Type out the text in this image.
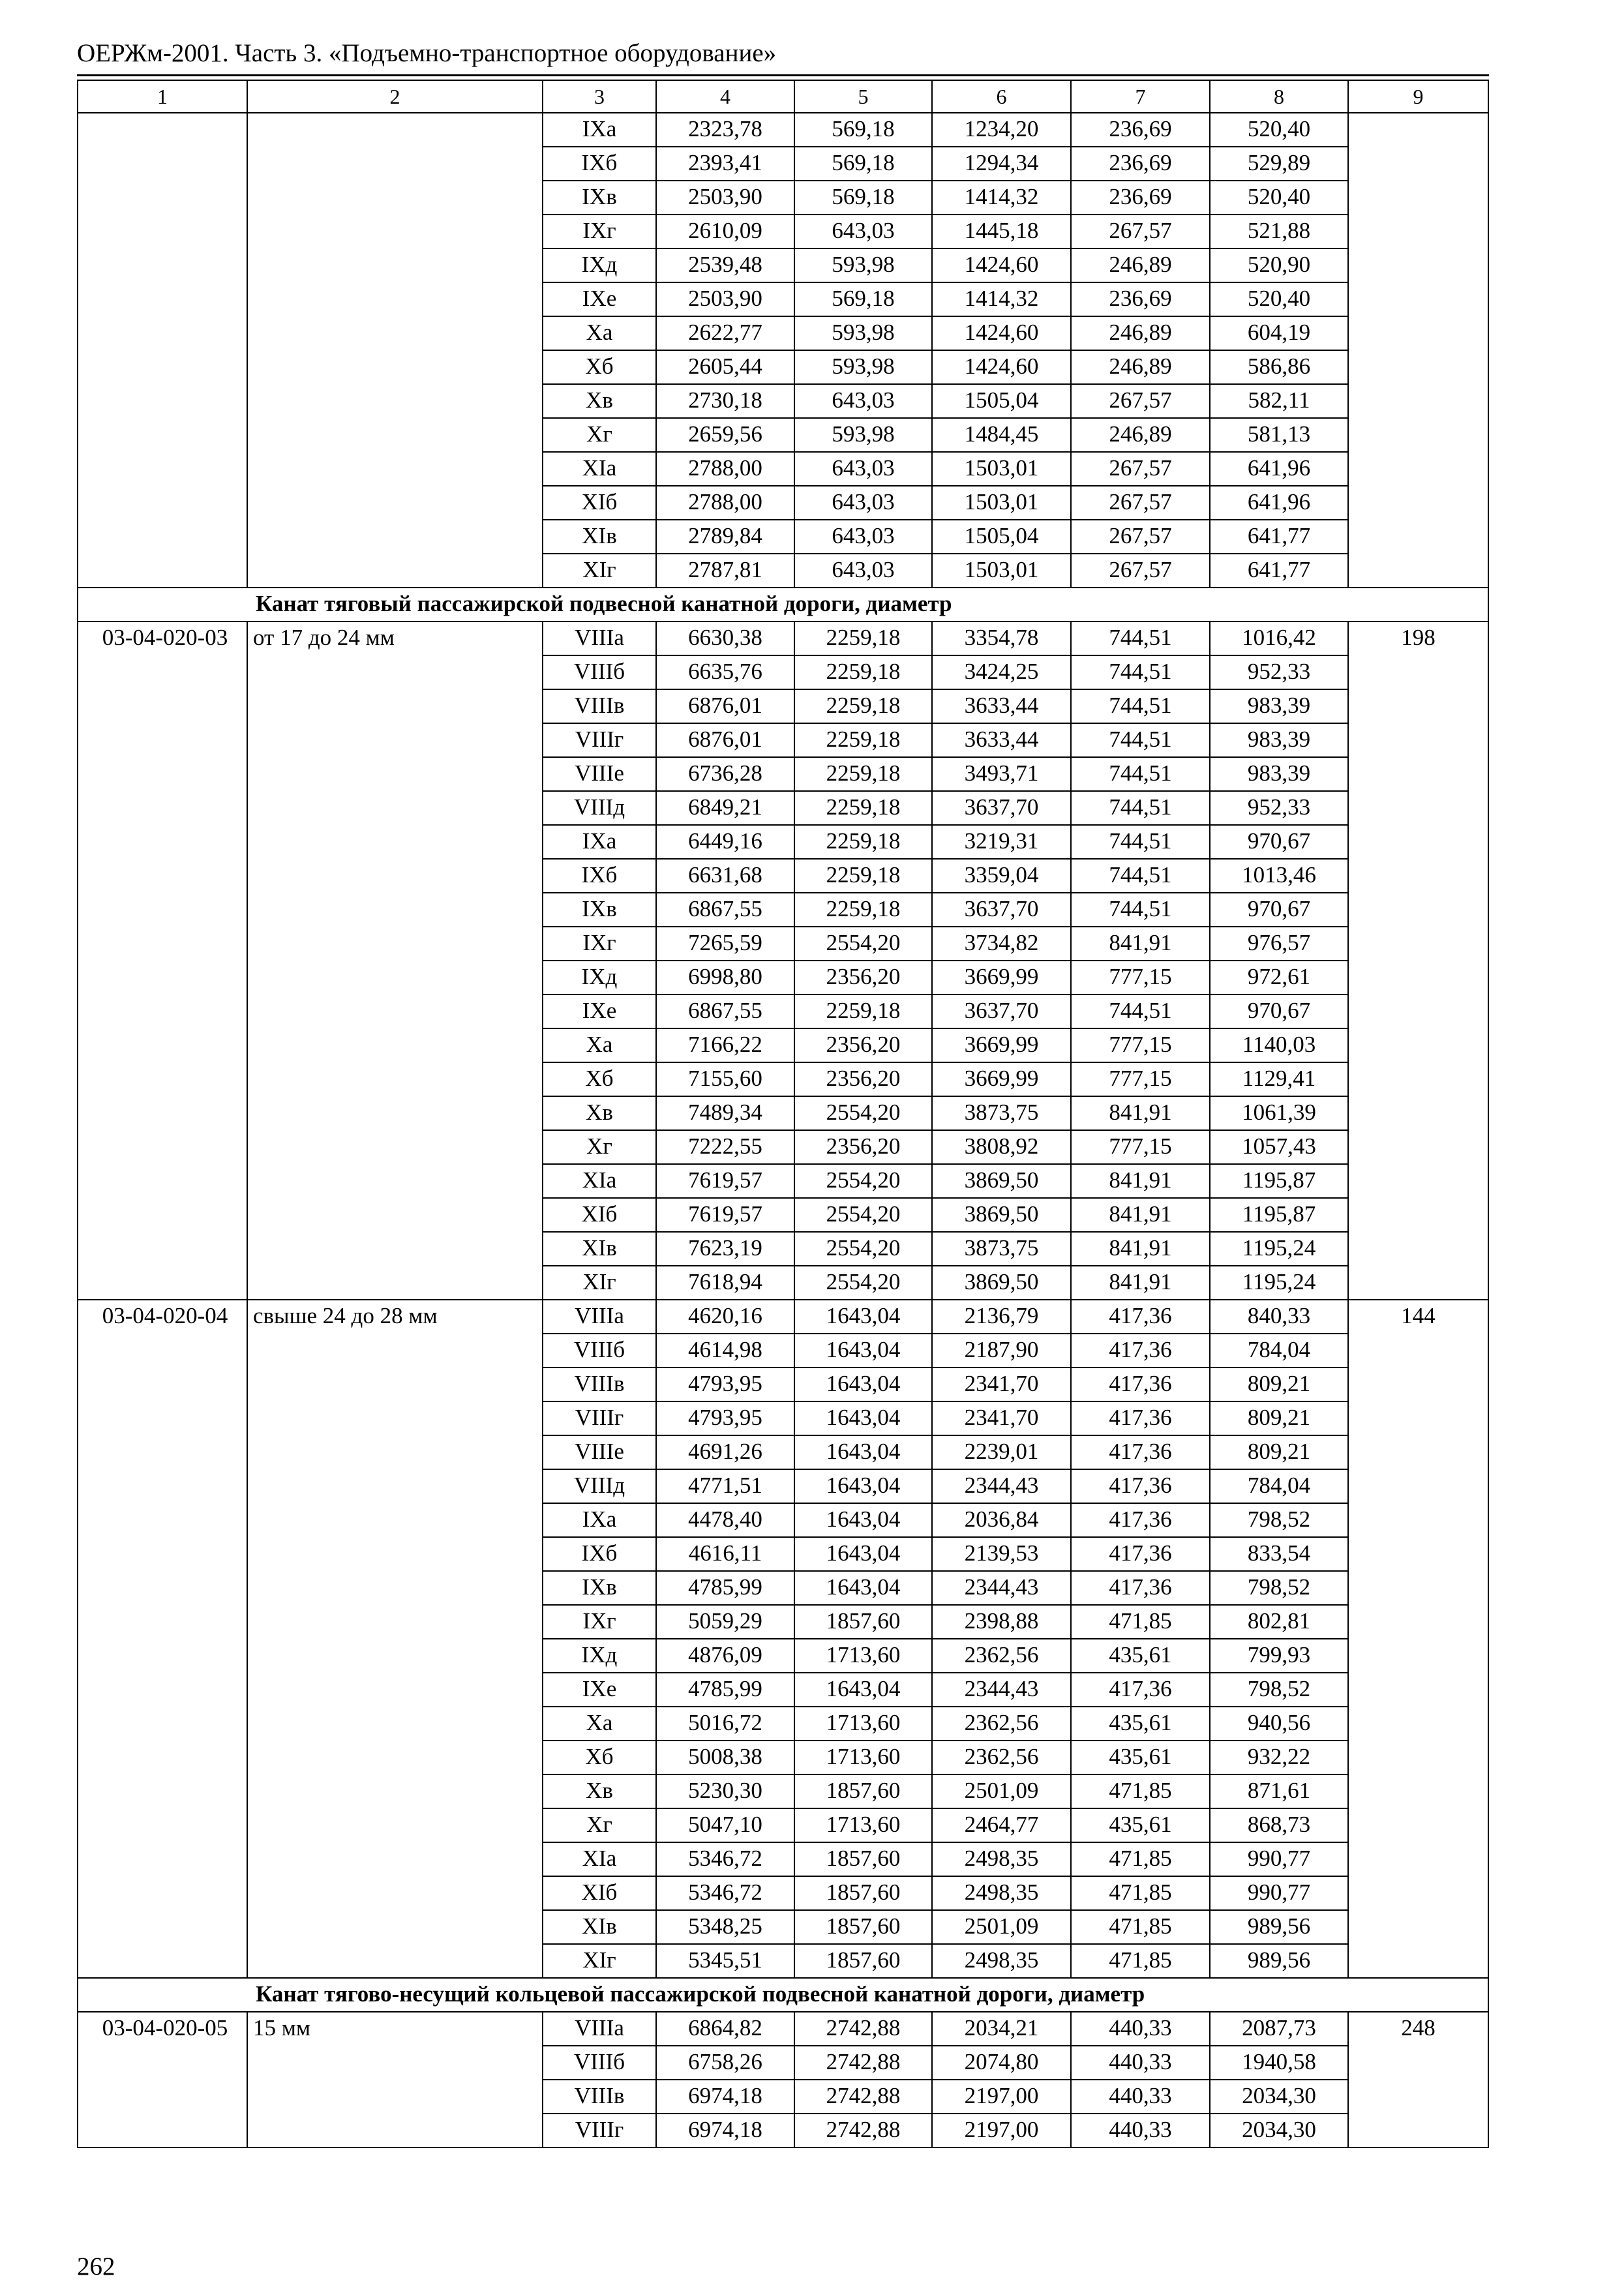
ОЕРЖм-2001. Часть 3. «Подъемно-транспортное оборудование»
1	2	3	4	5	6	7	8	9

		IXа	2323,78	569,18	1234,20	236,69	520,40	

		IXб	2393,41	569,18	1294,34	236,69	529,89	

		IXв	2503,90	569,18	1414,32	236,69	520,40	

		IXг	2610,09	643,03	1445,18	267,57	521,88	

		IXд	2539,48	593,98	1424,60	246,89	520,90	

		IXе	2503,90	569,18	1414,32	236,69	520,40	

		Xа	2622,77	593,98	1424,60	246,89	604,19	

		Xб	2605,44	593,98	1424,60	246,89	586,86	

		Xв	2730,18	643,03	1505,04	267,57	582,11	

		Xг	2659,56	593,98	1484,45	246,89	581,13	

		XIа	2788,00	643,03	1503,01	267,57	641,96	

		XIб	2788,00	643,03	1503,01	267,57	641,96	

		XIв	2789,84	643,03	1505,04	267,57	641,77	

		XIг	2787,81	643,03	1503,01	267,57	641,77	

Канат тяговый пассажирской подвесной канатной дороги, диаметр								

03-04-020-03	от 17 до 24 мм	VIIIа	6630,38	2259,18	3354,78	744,51	1016,42	198

		VIIIб	6635,76	2259,18	3424,25	744,51	952,33	

		VIIIв	6876,01	2259,18	3633,44	744,51	983,39	

		VIIIг	6876,01	2259,18	3633,44	744,51	983,39	

		VIIIе	6736,28	2259,18	3493,71	744,51	983,39	

		VIIIд	6849,21	2259,18	3637,70	744,51	952,33	

		IXа	6449,16	2259,18	3219,31	744,51	970,67	

		IXб	6631,68	2259,18	3359,04	744,51	1013,46	

		IXв	6867,55	2259,18	3637,70	744,51	970,67	

		IXг	7265,59	2554,20	3734,82	841,91	976,57	

		IXд	6998,80	2356,20	3669,99	777,15	972,61	

		IXе	6867,55	2259,18	3637,70	744,51	970,67	

		Xа	7166,22	2356,20	3669,99	777,15	1140,03	

		Xб	7155,60	2356,20	3669,99	777,15	1129,41	

		Xв	7489,34	2554,20	3873,75	841,91	1061,39	

		Xг	7222,55	2356,20	3808,92	777,15	1057,43	

		XIа	7619,57	2554,20	3869,50	841,91	1195,87	

		XIб	7619,57	2554,20	3869,50	841,91	1195,87	

		XIв	7623,19	2554,20	3873,75	841,91	1195,24	

		XIг	7618,94	2554,20	3869,50	841,91	1195,24	

03-04-020-04	свыше 24 до 28 мм	VIIIа	4620,16	1643,04	2136,79	417,36	840,33	144

		VIIIб	4614,98	1643,04	2187,90	417,36	784,04	

		VIIIв	4793,95	1643,04	2341,70	417,36	809,21	

		VIIIг	4793,95	1643,04	2341,70	417,36	809,21	

		VIIIе	4691,26	1643,04	2239,01	417,36	809,21	

		VIIIд	4771,51	1643,04	2344,43	417,36	784,04	

		IXа	4478,40	1643,04	2036,84	417,36	798,52	

		IXб	4616,11	1643,04	2139,53	417,36	833,54	

		IXв	4785,99	1643,04	2344,43	417,36	798,52	

		IXг	5059,29	1857,60	2398,88	471,85	802,81	

		IXд	4876,09	1713,60	2362,56	435,61	799,93	

		IXе	4785,99	1643,04	2344,43	417,36	798,52	

		Xа	5016,72	1713,60	2362,56	435,61	940,56	

		Xб	5008,38	1713,60	2362,56	435,61	932,22	

		Xв	5230,30	1857,60	2501,09	471,85	871,61	

		Xг	5047,10	1713,60	2464,77	435,61	868,73	

		XIа	5346,72	1857,60	2498,35	471,85	990,77	

		XIб	5346,72	1857,60	2498,35	471,85	990,77	

		XIв	5348,25	1857,60	2501,09	471,85	989,56	

		XIг	5345,51	1857,60	2498,35	471,85	989,56	

Канат тягово-несущий кольцевой пассажирской подвесной канатной дороги, диаметр								

03-04-020-05	15 мм	VIIIа	6864,82	2742,88	2034,21	440,33	2087,73	248

		VIIIб	6758,26	2742,88	2074,80	440,33	1940,58	

		VIIIв	6974,18	2742,88	2197,00	440,33	2034,30	

		VIIIг	6974,18	2742,88	2197,00	440,33	2034,30	
262
